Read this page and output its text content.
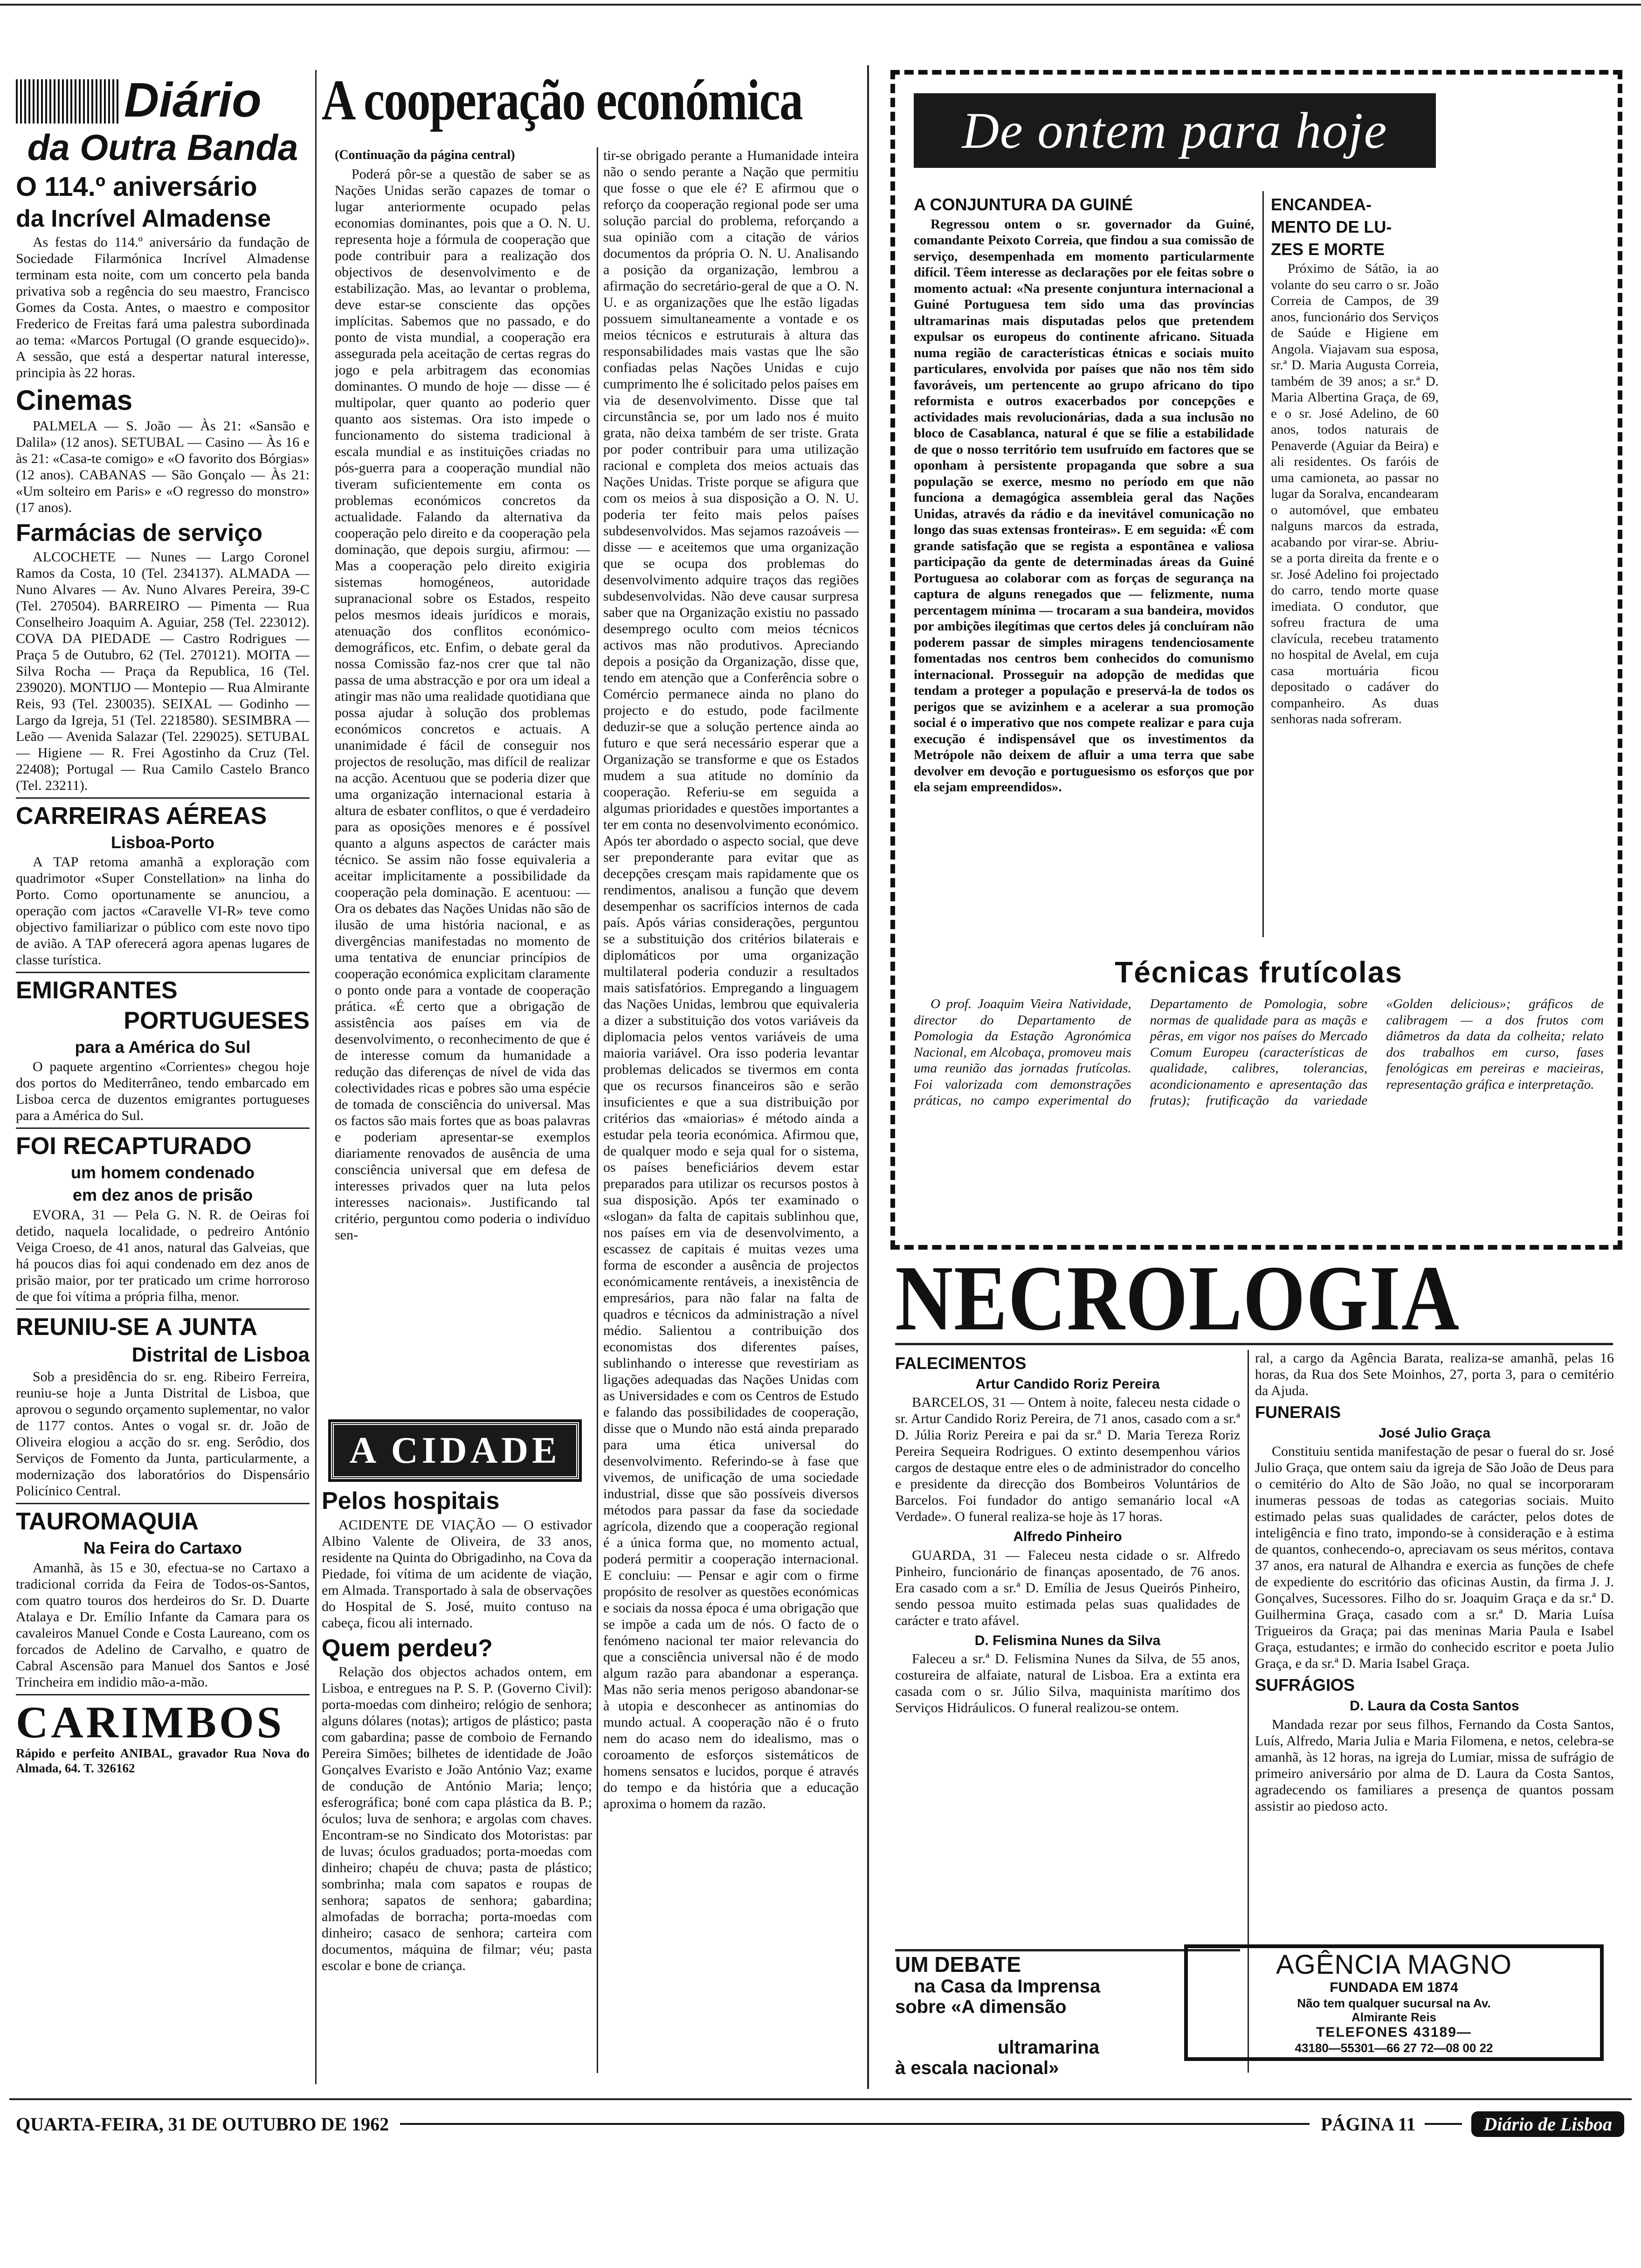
Diário
da Outra Banda
O 114.º aniversário
da Incrível Almadense

As festas do 114.º aniversário da fundação de Sociedade Filarmónica Incrível Almadense terminam esta noite, com um concerto pela banda privativa sob a regência do seu maestro, Francisco Gomes da Costa. Antes, o maestro e compositor Frederico de Freitas fará uma palestra subordinada ao tema: «Marcos Portugal (O grande esquecido)». A sessão, que está a despertar natural interesse, principia às 22 horas.

Cinemas

PALMELA — S. João — Às 21: «Sansão e Dalila» (12 anos). SETUBAL — Casino — Às 16 e às 21: «Casa-te comigo» e «O favorito dos Bórgias» (12 anos). CABANAS — São Gonçalo — Às 21: «Um solteiro em Paris» e «O regresso do monstro» (17 anos).

Farmácias de serviço

ALCOCHETE — Nunes — Largo Coronel Ramos da Costa, 10 (Tel. 234137). ALMADA — Nuno Alvares — Av. Nuno Alvares Pereira, 39-C (Tel. 270504). BARREIRO — Pimenta — Rua Conselheiro Joaquim A. Aguiar, 258 (Tel. 223012). COVA DA PIEDADE — Castro Rodrigues — Praça 5 de Outubro, 62 (Tel. 270121). MOITA — Silva Rocha — Praça da Republica, 16 (Tel. 239020). MONTIJO — Montepio — Rua Almirante Reis, 93 (Tel. 230035). SEIXAL — Godinho — Largo da Igreja, 51 (Tel. 2218580). SESIMBRA — Leão — Avenida Salazar (Tel. 229025). SETUBAL — Higiene — R. Frei Agostinho da Cruz (Tel. 22408); Portugal — Rua Camilo Castelo Branco (Tel. 23211).

CARREIRAS AÉREAS
Lisboa-Porto

A TAP retoma amanhã a exploração com quadrimotor «Super Constellation» na linha do Porto. Como oportunamente se anunciou, a operação com jactos «Caravelle VI-R» teve como objectivo familiarizar o público com este novo tipo de avião. A TAP oferecerá agora apenas lugares de classe turística.

EMIGRANTES
PORTUGUESES
para a América do Sul

O paquete argentino «Corrientes» chegou hoje dos portos do Mediterrâneo, tendo embarcado em Lisboa cerca de duzentos emigrantes portugueses para a América do Sul.

FOI RECAPTURADO
um homem condenado
em dez anos de prisão

EVORA, 31 — Pela G. N. R. de Oeiras foi detido, naquela localidade, o pedreiro António Veiga Croeso, de 41 anos, natural das Galveias, que há poucos dias foi aqui condenado em dez anos de prisão maior, por ter praticado um crime horroroso de que foi vítima a própria filha, menor.

REUNIU-SE A JUNTA
Distrital de Lisboa

Sob a presidência do sr. eng. Ribeiro Ferreira, reuniu-se hoje a Junta Distrital de Lisboa, que aprovou o segundo orçamento suplementar, no valor de 1177 contos. Antes o vogal sr. dr. João de Oliveira elogiou a acção do sr. eng. Serôdio, dos Serviços de Fomento da Junta, particularmente, a modernização dos laboratórios do Dispensário Policínico Central.

TAUROMAQUIA
Na Feira do Cartaxo

Amanhã, às 15 e 30, efectua-se no Cartaxo a tradicional corrida da Feira de Todos-os-Santos, com quatro touros dos herdeiros do Sr. D. Duarte Atalaya e Dr. Emílio Infante da Camara para os cavaleiros Manuel Conde e Costa Laureano, com os forcados de Adelino de Carvalho, e quatro de Cabral Ascensão para Manuel dos Santos e José Trincheira em indidio mão-a-mão.

CARIMBOS

Rápido e perfeito ANIBAL, gravador Rua Nova do Almada, 64. T. 326162

A cooperação económica
(Continuação da página central)

Poderá pôr-se a questão de saber se as Nações Unidas serão capazes de tomar o lugar anteriormente ocupado pelas economias dominantes, pois que a O. N. U. representa hoje a fórmula de cooperação que pode contribuir para a realização dos objectivos de desenvolvimento e de estabilização. Mas, ao levantar o problema, deve estar-se consciente das opções implícitas. Sabemos que no passado, e do ponto de vista mundial, a cooperação era assegurada pela aceitação de certas regras do jogo e pela arbitragem das economias dominantes. O mundo de hoje — disse — é multipolar, quer quanto ao poderio quer quanto aos sistemas. Ora isto impede o funcionamento do sistema tradicional à escala mundial e as instituições criadas no pós-guerra para a cooperação mundial não tiveram suficientemente em conta os problemas económicos concretos da actualidade. Falando da alternativa da cooperação pelo direito e da cooperação pela dominação, que depois surgiu, afirmou: — Mas a cooperação pelo direito exigiria sistemas homogéneos, autoridade supranacional sobre os Estados, respeito pelos mesmos ideais jurídicos e morais, atenuação dos conflitos económico-demográficos, etc. Enfim, o debate geral da nossa Comissão faz-nos crer que tal não passa de uma abstracção e por ora um ideal a atingir mas não uma realidade quotidiana que possa ajudar à solução dos problemas económicos concretos e actuais. A unanimidade é fácil de conseguir nos projectos de resolução, mas difícil de realizar na acção. Acentuou que se poderia dizer que uma organização internacional estaria à altura de esbater conflitos, o que é verdadeiro para as oposições menores e é possível quanto a alguns aspectos de carácter mais técnico. Se assim não fosse equivaleria a aceitar implicitamente a possibilidade da cooperação pela dominação. E acentuou: — Ora os debates das Nações Unidas não são de ilusão de uma história nacional, e as divergências manifestadas no momento de uma tentativa de enunciar princípios de cooperação económica explicitam claramente o ponto onde para a vontade de cooperação prática. «É certo que a obrigação de assistência aos países em via de desenvolvimento, o reconhecimento de que é de interesse comum da humanidade a redução das diferenças de nível de vida das colectividades ricas e pobres são uma espécie de tomada de consciência do universal. Mas os factos são mais fortes que as boas palavras e poderiam apresentar-se exemplos diariamente renovados de ausência de uma consciência universal que em defesa de interesses privados quer na luta pelos interesses nacionais». Justificando tal critério, perguntou como poderia o indivíduo sen-

tir-se obrigado perante a Humanidade inteira não o sendo perante a Nação que permitiu que fosse o que ele é? E afirmou que o reforço da cooperação regional pode ser uma solução parcial do problema, reforçando a sua opinião com a citação de vários documentos da própria O. N. U. Analisando a posição da organização, lembrou a afirmação do secretário-geral de que a O. N. U. e as organizações que lhe estão ligadas possuem simultaneamente a vontade e os meios técnicos e estruturais à altura das responsabilidades mais vastas que lhe são confiadas pelas Nações Unidas e cujo cumprimento lhe é solicitado pelos países em via de desenvolvimento. Disse que tal circunstância se, por um lado nos é muito grata, não deixa também de ser triste. Grata por poder contribuir para uma utilização racional e completa dos meios actuais das Nações Unidas. Triste porque se afigura que com os meios à sua disposição a O. N. U. poderia ter feito mais pelos países subdesenvolvidos. Mas sejamos razoáveis — disse — e aceitemos que uma organização que se ocupa dos problemas do desenvolvimento adquire traços das regiões subdesenvolvidas. Não deve causar surpresa saber que na Organização existiu no passado desemprego oculto com meios técnicos activos mas não produtivos. Apreciando depois a posição da Organização, disse que, tendo em atenção que a Conferência sobre o Comércio permanece ainda no plano do projecto e do estudo, pode facilmente deduzir-se que a solução pertence ainda ao futuro e que será necessário esperar que a Organização se transforme e que os Estados mudem a sua atitude no domínio da cooperação. Referiu-se em seguida a algumas prioridades e questões importantes a ter em conta no desenvolvimento económico. Após ter abordado o aspecto social, que deve ser preponderante para evitar que as decepções cresçam mais rapidamente que os rendimentos, analisou a função que devem desempenhar os sacrifícios internos de cada país. Após várias considerações, perguntou se a substituição dos critérios bilaterais e diplomáticos por uma organização multilateral poderia conduzir a resultados mais satisfatórios. Empregando a linguagem das Nações Unidas, lembrou que equivaleria a dizer a substituição dos votos variáveis da diplomacia pelos ventos variáveis de uma maioria variável. Ora isso poderia levantar problemas delicados se tivermos em conta que os recursos financeiros são e serão insuficientes e que a sua distribuição por critérios das «maiorias» é método ainda a estudar pela teoria económica. Afirmou que, de qualquer modo e seja qual for o sistema, os países beneficiários devem estar preparados para utilizar os recursos postos à sua disposição. Após ter examinado o «slogan» da falta de capitais sublinhou que, nos países em via de desenvolvimento, a escassez de capitais é muitas vezes uma forma de esconder a ausência de projectos económicamente rentáveis, a inexistência de empresários, para não falar na falta de quadros e técnicos da administração a nível médio. Salientou a contribuição dos economistas dos diferentes países, sublinhando o interesse que revestiriam as ligações adequadas das Nações Unidas com as Universidades e com os Centros de Estudo e falando das possibilidades de cooperação, disse que o Mundo não está ainda preparado para uma ética universal do desenvolvimento. Referindo-se à fase que vivemos, de unificação de uma sociedade industrial, disse que são possíveis diversos métodos para passar da fase da sociedade agrícola, dizendo que a cooperação regional é a única forma que, no momento actual, poderá permitir a cooperação internacional. E concluiu: — Pensar e agir com o firme propósito de resolver as questões económicas e sociais da nossa época é uma obrigação que se impõe a cada um de nós. O facto de o fenómeno nacional ter maior relevancia do que a consciência universal não é de modo algum razão para abandonar a esperança. Mas não seria menos perigoso abandonar-se à utopia e desconhecer as antinomias do mundo actual. A cooperação não é o fruto nem do acaso nem do idealismo, mas o coroamento de esforços sistemáticos de homens sensatos e lucidos, porque é através do tempo e da história que a educação aproxima o homem da razão.

A CIDADE
Pelos hospitais

ACIDENTE DE VIAÇÃO — O estivador Albino Valente de Oliveira, de 33 anos, residente na Quinta do Obrigadinho, na Cova da Piedade, foi vítima de um acidente de viação, em Almada. Transportado à sala de observações do Hospital de S. José, muito contuso na cabeça, ficou ali internado.

Quem perdeu?

Relação dos objectos achados ontem, em Lisboa, e entregues na P. S. P. (Governo Civil): porta-moedas com dinheiro; relógio de senhora; alguns dólares (notas); artigos de plástico; pasta com gabardina; passe de comboio de Fernando Pereira Simões; bilhetes de identidade de João Gonçalves Evaristo e João António Vaz; exame de condução de António Maria; lenço; esferográfica; boné com capa plástica da B. P.; óculos; luva de senhora; e argolas com chaves. Encontram-se no Sindicato dos Motoristas: par de luvas; óculos graduados; porta-moedas com dinheiro; chapéu de chuva; pasta de plástico; sombrinha; mala com sapatos e roupas de senhora; sapatos de senhora; gabardina; almofadas de borracha; porta-moedas com dinheiro; casaco de senhora; carteira com documentos, máquina de filmar; véu; pasta escolar e bone de criança.

De ontem para hoje
A CONJUNTURA DA GUINÉ

Regressou ontem o sr. governador da Guiné, comandante Peixoto Correia, que findou a sua comissão de serviço, desempenhada em momento particularmente difícil. Têem interesse as declarações por ele feitas sobre o momento actual: «Na presente conjuntura internacional a Guiné Portuguesa tem sido uma das províncias ultramarinas mais disputadas pelos que pretendem expulsar os europeus do continente africano. Situada numa região de características étnicas e sociais muito particulares, envolvida por países que não nos têm sido favoráveis, um pertencente ao grupo africano do tipo reformista e outros exacerbados por concepções e actividades mais revolucionárias, dada a sua inclusão no bloco de Casablanca, natural é que se filie a estabilidade de que o nosso território tem usufruído em factores que se oponham à persistente propaganda que sobre a sua população se exerce, mesmo no período em que não funciona a demagógica assembleia geral das Nações Unidas, através da rádio e da inevitável comunicação no longo das suas extensas fronteiras». E em seguida: «É com grande satisfação que se regista a espontânea e valiosa participação da gente de determinadas áreas da Guiné Portuguesa ao colaborar com as forças de segurança na captura de alguns renegados que — felizmente, numa percentagem mínima — trocaram a sua bandeira, movidos por ambições ilegítimas que certos deles já concluíram não poderem passar de simples miragens tendenciosamente fomentadas nos centros bem conhecidos do comunismo internacional. Prosseguir na adopção de medidas que tendam a proteger a população e preservá-la de todos os perigos que se avizinhem e a acelerar a sua promoção social é o imperativo que nos compete realizar e para cuja execução é indispensável que os investimentos da Metrópole não deixem de afluir a uma terra que sabe devolver em devoção e portuguesismo os esforços que por ela sejam empreendidos».

ENCANDEA-
MENTO DE LU-
ZES E MORTE

Próximo de Sátão, ia ao volante do seu carro o sr. João Correia de Campos, de 39 anos, funcionário dos Serviços de Saúde e Higiene em Angola. Viajavam sua esposa, sr.ª D. Maria Augusta Correia, também de 39 anos; a sr.ª D. Maria Albertina Graça, de 69, e o sr. José Adelino, de 60 anos, todos naturais de Penaverde (Aguiar da Beira) e ali residentes. Os faróis de uma camioneta, ao passar no lugar da Soralva, encandearam o automóvel, que embateu nalguns marcos da estrada, acabando por virar-se. Abriu-se a porta direita da frente e o sr. José Adelino foi projectado do carro, tendo morte quase imediata. O condutor, que sofreu fractura de uma clavícula, recebeu tratamento no hospital de Avelal, em cuja casa mortuária ficou depositado o cadáver do companheiro. As duas senhoras nada sofreram.

Técnicas frutícolas

O prof. Joaquim Vieira Natividade, director do Departamento de Pomologia da Estação Agronómica Nacional, em Alcobaça, promoveu mais uma reunião das jornadas frutícolas. Foi valorizada com demonstrações práticas, no campo experimental do Departamento de Pomologia, sobre normas de qualidade para as maçãs e pêras, em vigor nos países do Mercado Comum Europeu (características de qualidade, calibres, tolerancias, acondicionamento e apresentação das frutas); frutificação da variedade «Golden delicious»; gráficos de calibragem — a dos frutos com diâmetros da data da colheita; relato dos trabalhos em curso, fases fenológicas em pereiras e macieiras, representação gráfica e interpretação.

NECROLOGIA
FALECIMENTOS
Artur Candido Roriz Pereira

BARCELOS, 31 — Ontem à noite, faleceu nesta cidade o sr. Artur Candido Roriz Pereira, de 71 anos, casado com a sr.ª D. Júlia Roriz Pereira e pai da sr.ª D. Maria Tereza Roriz Pereira Sequeira Rodrigues. O extinto desempenhou vários cargos de destaque entre eles o de administrador do concelho e presidente da direcção dos Bombeiros Voluntários de Barcelos. Foi fundador do antigo semanário local «A Verdade». O funeral realiza-se hoje às 17 horas.

Alfredo Pinheiro

GUARDA, 31 — Faleceu nesta cidade o sr. Alfredo Pinheiro, funcionário de finanças aposentado, de 76 anos. Era casado com a sr.ª D. Emília de Jesus Queirós Pinheiro, sendo pessoa muito estimada pelas suas qualidades de carácter e trato afável.

D. Felismina Nunes da Silva

Faleceu a sr.ª D. Felismina Nunes da Silva, de 55 anos, costureira de alfaiate, natural de Lisboa. Era a extinta era casada com o sr. Júlio Silva, maquinista marítimo dos Serviços Hidráulicos. O funeral realizou-se ontem.

ral, a cargo da Agência Barata, realiza-se amanhã, pelas 16 horas, da Rua dos Sete Moinhos, 27, porta 3, para o cemitério da Ajuda.

FUNERAIS
José Julio Graça

Constituiu sentida manifestação de pesar o fueral do sr. José Julio Graça, que ontem saiu da igreja de São João de Deus para o cemitério do Alto de São João, no qual se incorporaram inumeras pessoas de todas as categorias sociais. Muito estimado pelas suas qualidades de carácter, pelos dotes de inteligência e fino trato, impondo-se à consideração e à estima de quantos, conhecendo-o, apreciavam os seus méritos, contava 37 anos, era natural de Alhandra e exercia as funções de chefe de expediente do escritório das oficinas Austin, da firma J. J. Gonçalves, Sucessores. Filho do sr. Joaquim Graça e da sr.ª D. Guilhermina Graça, casado com a sr.ª D. Maria Luísa Trigueiros da Graça; pai das meninas Maria Paula e Isabel Graça, estudantes; e irmão do conhecido escritor e poeta Julio Graça, e da sr.ª D. Maria Isabel Graça.

SUFRÁGIOS
D. Laura da Costa Santos

Mandada rezar por seus filhos, Fernando da Costa Santos, Luís, Alfredo, Maria Julia e Maria Filomena, e netos, celebra-se amanhã, às 12 horas, na igreja do Lumiar, missa de sufrágio de primeiro aniversário por alma de D. Laura da Costa Santos, agradecendo os familiares a presença de quantos possam assistir ao piedoso acto.

UM DEBATE
na Casa da Imprensa
sobre «A dimensão
ultramarina
à escala nacional»

AGÊNCIA MAGNO
FUNDADA EM 1874
Não tem qualquer sucursal na Av. Almirante Reis
TELEFONES 43189—
43180—55301—66 27 72—08 00 22
QUARTA-FEIRA, 31 DE OUTUBRO DE 1962	PÁGINA 11	Diário de Lisboa
